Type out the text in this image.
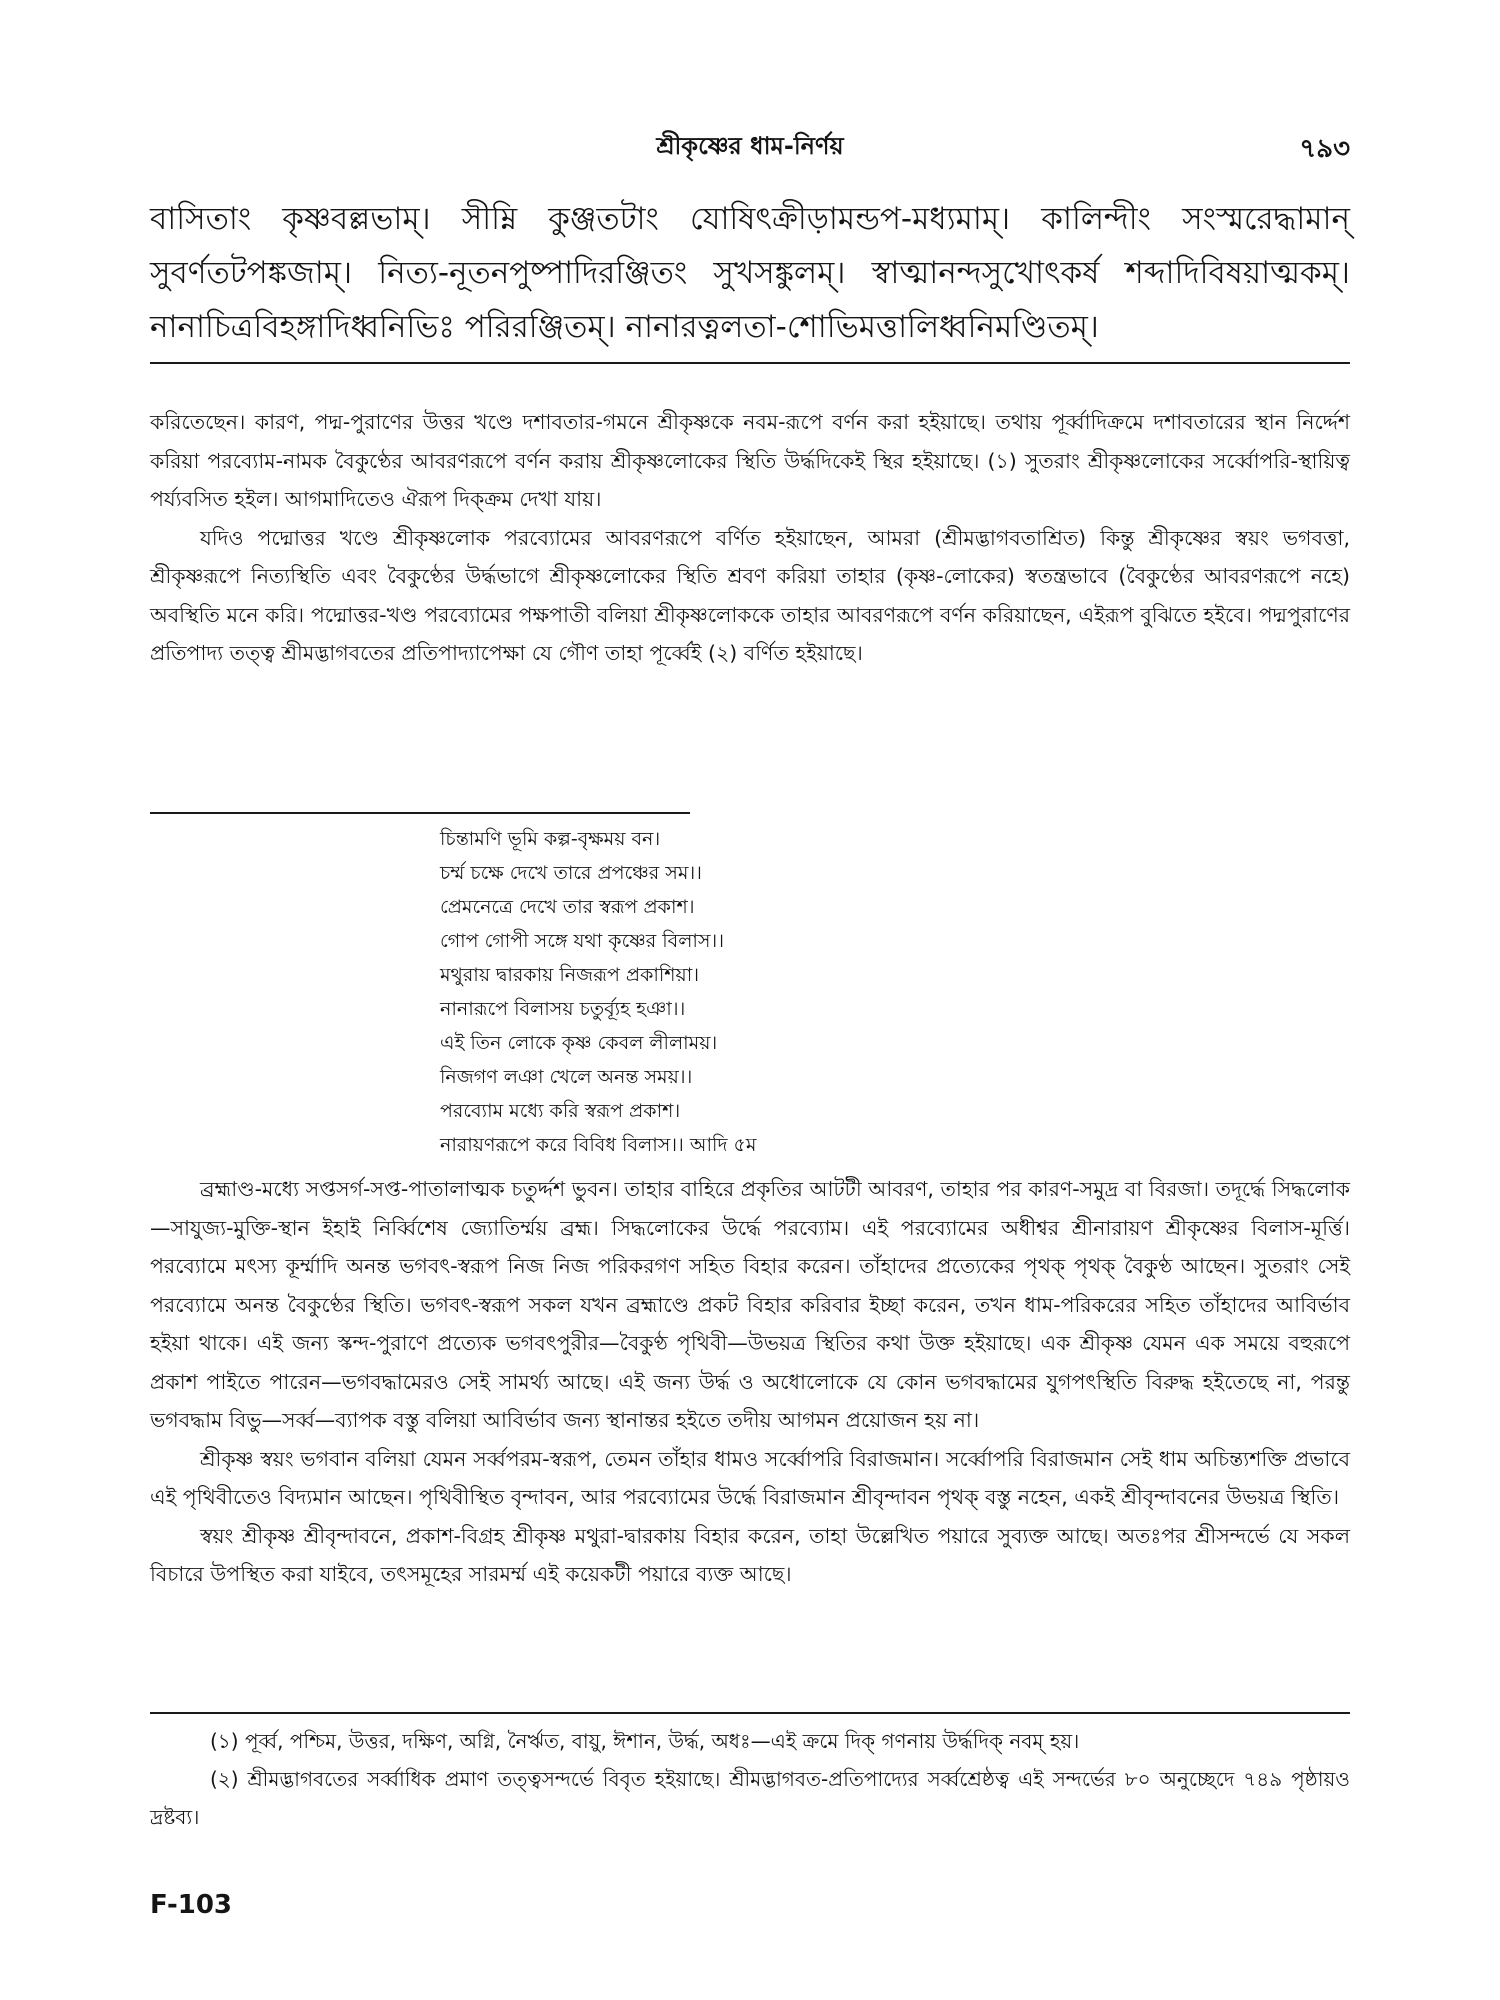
শ্রীকৃষ্ণের ধাম-নির্ণয়	৭৯৩
বাসিতাং কৃষ্ণবল্লভাম্। সীম্নি কুঞ্জতটাং যোষিৎক্রীড়ামন্ডপ-মধ্যমাম্। কালিন্দীং সংস্মরেদ্ধামান্ সুবর্ণতটপঙ্কজাম্। নিত্য-নূতনপুষ্পাদিরঞ্জিতং সুখসঙ্কুলম্। স্বাত্মানন্দসুখোৎকর্ষ শব্দাদিবিষয়াত্মকম্। নানাচিত্রবিহঙ্গাদিধ্বনিভিঃ পরিরঞ্জিতম্। নানারত্নলতা-শোভিমত্তালিধ্বনিমণ্ডিতম্।

করিতেছেন। কারণ, পদ্ম-পুরাণের উত্তর খণ্ডে দশাবতার-গমনে শ্রীকৃষ্ণকে নবম-রূপে বর্ণন করা হইয়াছে। তথায় পূর্ব্বাদিক্রমে দশাবতারের স্থান নির্দ্দেশ করিয়া পরব্যোম-নামক বৈকুণ্ঠের আবরণরূপে বর্ণন করায় শ্রীকৃষ্ণলোকের স্থিতি উর্দ্ধদিকেই স্থির হইয়াছে। (১) সুতরাং শ্রীকৃষ্ণলোকের সর্ব্বোপরি-স্থায়িত্ব পর্য্যবসিত হইল। আগমাদিতেও ঐরূপ দিক্‌ক্রম দেখা যায়।

যদিও পদ্মোত্তর খণ্ডে শ্রীকৃষ্ণলোক পরব্যোমের আবরণরূপে বর্ণিত হইয়াছেন, আমরা (শ্রীমদ্ভাগবতাশ্রিত) কিন্তু শ্রীকৃষ্ণের স্বয়ং ভগবত্তা, শ্রীকৃষ্ণরূপে নিত্যস্থিতি এবং বৈকুণ্ঠের উর্দ্ধভাগে শ্রীকৃষ্ণলোকের স্থিতি শ্রবণ করিয়া তাহার (কৃষ্ণ-লোকের) স্বতন্ত্রভাবে (বৈকুণ্ঠের আবরণরূপে নহে) অবস্থিতি মনে করি। পদ্মোত্তর-খণ্ড পরব্যোমের পক্ষপাতী বলিয়া শ্রীকৃষ্ণলোককে তাহার আবরণরূপে বর্ণন করিয়াছেন, এইরূপ বুঝিতে হইবে। পদ্মপুরাণের প্রতিপাদ্য তত্ত্ব শ্রীমদ্ভাগবতের প্রতিপাদ্যাপেক্ষা যে গৌণ তাহা পূর্ব্বেই (২) বর্ণিত হইয়াছে।

চিন্তামণি ভূমি কল্প-বৃক্ষময় বন।
চর্ম্ম চক্ষে দেখে তারে প্রপঞ্চের সম।।
প্রেমনেত্রে দেখে তার স্বরূপ প্রকাশ।
গোপ গোপী সঙ্গে যথা কৃষ্ণের বিলাস।।
মথুরায় দ্বারকায় নিজরূপ প্রকাশিয়া।
নানারূপে বিলাসয় চতুর্ব্যূহ হঞা।।
এই তিন লোকে কৃষ্ণ কেবল লীলাময়।
নিজগণ লঞা খেলে অনন্ত সময়।।
পরব্যোম মধ্যে করি স্বরূপ প্রকাশ।
নারায়ণরূপে করে বিবিধ বিলাস।। আদি ৫ম

ব্রহ্মাণ্ড-মধ্যে সপ্তসর্গ-সপ্ত-পাতালাত্মক চতুর্দ্দশ ভুবন। তাহার বাহিরে প্রকৃতির আটটী আবরণ, তাহার পর কারণ-সমুদ্র বা বিরজা। তদূর্দ্ধে সিদ্ধলোক—সাযুজ্য-মুক্তি-স্থান ইহাই নির্ব্বিশেষ জ্যোতির্ম্ময় ব্রহ্ম। সিদ্ধলোকের উর্দ্ধে পরব্যোম। এই পরব্যোমের অধীশ্বর শ্রীনারায়ণ শ্রীকৃষ্ণের বিলাস-মূর্ত্তি। পরব্যোমে মৎস্য কূর্ম্মাদি অনন্ত ভগবৎ-স্বরূপ নিজ নিজ পরিকরগণ সহিত বিহার করেন। তাঁহাদের প্রত্যেকের পৃথক্ পৃথক্ বৈকুণ্ঠ আছেন। সুতরাং সেই পরব্যোমে অনন্ত বৈকুণ্ঠের স্থিতি। ভগবৎ-স্বরূপ সকল যখন ব্রহ্মাণ্ডে প্রকট বিহার করিবার ইচ্ছা করেন, তখন ধাম-পরিকরের সহিত তাঁহাদের আবির্ভাব হইয়া থাকে। এই জন্য স্কন্দ-পুরাণে প্রত্যেক ভগবৎপুরীর—বৈকুণ্ঠ পৃথিবী—উভয়ত্র স্থিতির কথা উক্ত হইয়াছে। এক শ্রীকৃষ্ণ যেমন এক সময়ে বহুরূপে প্রকাশ পাইতে পারেন—ভগবদ্ধামেরও সেই সামর্থ্য আছে। এই জন্য উর্দ্ধ ও অধোলোকে যে কোন ভগবদ্ধামের যুগপৎস্থিতি বিরুদ্ধ হইতেছে না, পরন্তু ভগবদ্ধাম বিভু—সর্ব্ব—ব্যাপক বস্তু বলিয়া আবির্ভাব জন্য স্থানান্তর হইতে তদীয় আগমন প্রয়োজন হয় না।

শ্রীকৃষ্ণ স্বয়ং ভগবান বলিয়া যেমন সর্ব্বপরম-স্বরূপ, তেমন তাঁহার ধামও সর্ব্বোপরি বিরাজমান। সর্ব্বোপরি বিরাজমান সেই ধাম অচিন্ত্যশক্তি প্রভাবে এই পৃথিবীতেও বিদ্যমান আছেন। পৃথিবীস্থিত বৃন্দাবন, আর পরব্যোমের উর্দ্ধে বিরাজমান শ্রীবৃন্দাবন পৃথক্ বস্তু নহেন, একই শ্রীবৃন্দাবনের উভয়ত্র স্থিতি।

স্বয়ং শ্রীকৃষ্ণ শ্রীবৃন্দাবনে, প্রকাশ-বিগ্রহ শ্রীকৃষ্ণ মথুরা-দ্বারকায় বিহার করেন, তাহা উল্লেখিত পয়ারে সুব্যক্ত আছে। অতঃপর শ্রীসন্দর্ভে যে সকল বিচারে উপস্থিত করা যাইবে, তৎসমূহের সারমর্ম্ম এই কয়েকটী পয়ারে ব্যক্ত আছে।

(১) পূর্ব্ব, পশ্চিম, উত্তর, দক্ষিণ, অগ্নি, নৈর্ঋত, বায়ু, ঈশান, উর্দ্ধ, অধঃ—এই ক্রমে দিক্ গণনায় উর্দ্ধদিক্ নবম্ হয়।

(২) শ্রীমদ্ভাগবতের সর্ব্বাধিক প্রমাণ তত্ত্বসন্দর্ভে বিবৃত হইয়াছে। শ্রীমদ্ভাগবত-প্রতিপাদ্যের সর্ব্বশ্রেষ্ঠত্ব এই সন্দর্ভের ৮০ অনুচ্ছেদে ৭৪৯ পৃষ্ঠায়ও দ্রষ্টব্য।

F-103
